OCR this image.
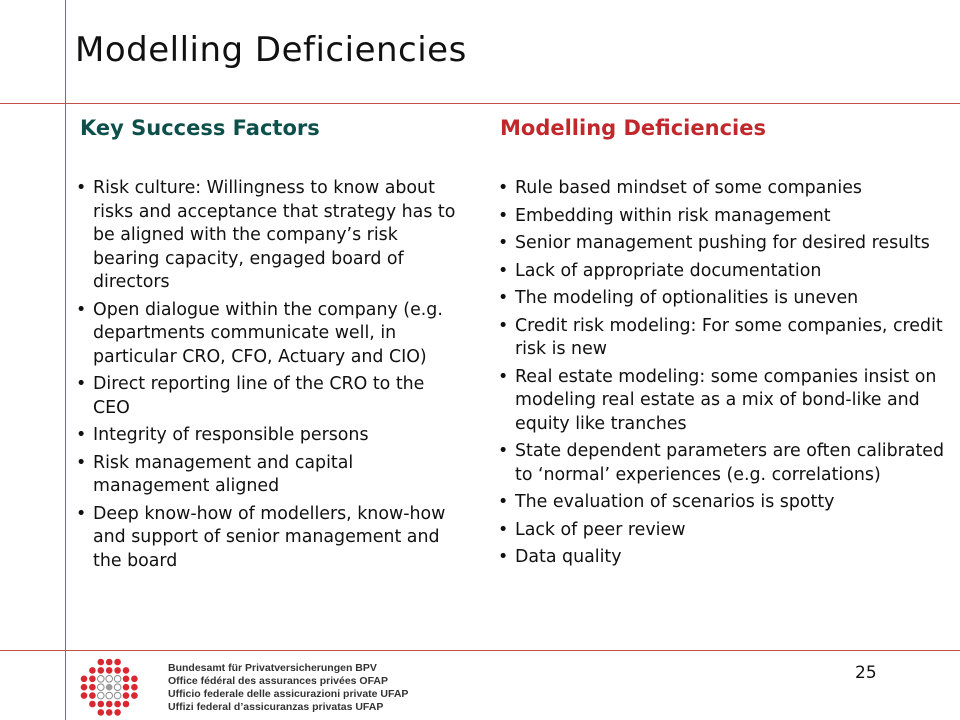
Modelling Deficiencies
Key Success Factors	Modelling Deficiencies
• Risk culture: Willingness to know about risks and acceptance that strategy has to be aligned with the company’s risk bearing capacity, engaged board of directors
• Open dialogue within the company (e.g. departments communicate well, in particular CRO, CFO, Actuary and CIO)
• Direct reporting line of the CRO to the CEO
• Integrity of responsible persons
• Risk management and capital management aligned
• Deep know-how of modellers, know-how and support of senior management and the board
• Rule based mindset of some companies
• Embedding within risk management
• Senior management pushing for desired results
• Lack of appropriate documentation
• The modeling of optionalities is uneven
• Credit risk modeling: For some companies, credit risk is new
• Real estate modeling: some companies insist on modeling real estate as a mix of bond-like and equity like tranches
• State dependent parameters are often calibrated to ‘normal’ experiences (e.g. correlations)
• The evaluation of scenarios is spotty
• Lack of peer review
• Data quality
Bundesamt für Privatversicherungen BPV
Office fédéral des assurances privées OFAP
Ufficio federale delle assicurazioni private UFAP
Uffizi federal d’assicuranzas privatas UFAP
25
